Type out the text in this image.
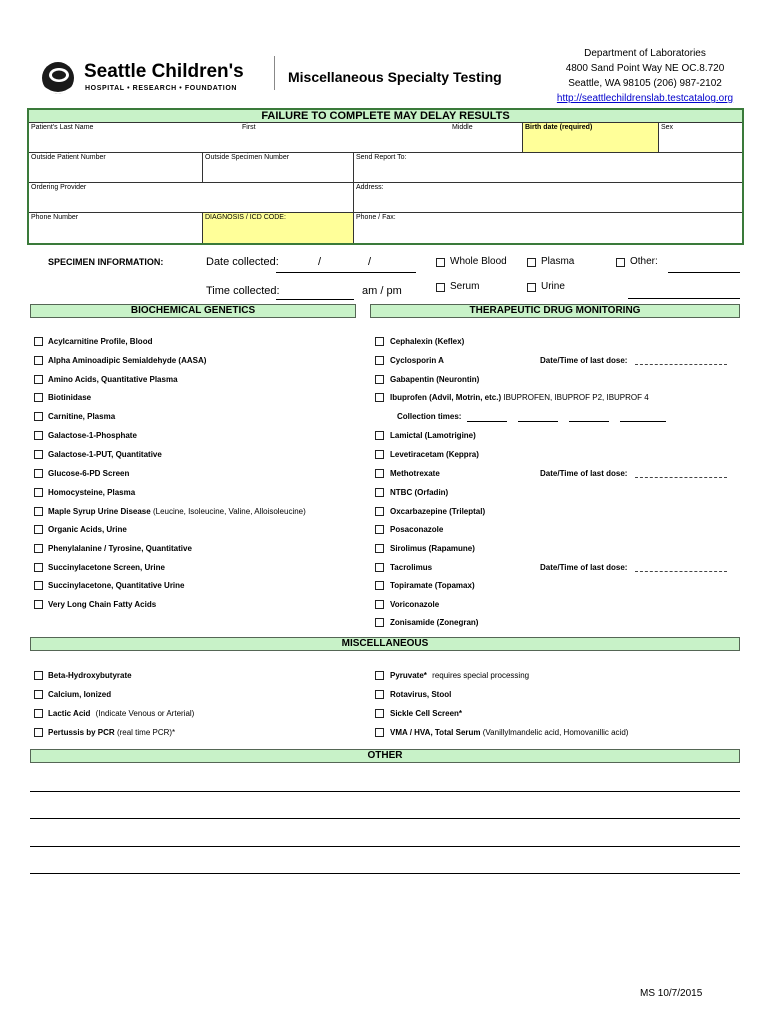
Seattle Children's
HOSPITAL • RESEARCH • FOUNDATION
Miscellaneous Specialty Testing
Department of Laboratories
4800 Sand Point Way NE OC.8.720
Seattle, WA 98105 (206) 987-2102
http://seattlechildrenslab.testcatalog.org
FAILURE TO COMPLETE MAY DELAY RESULTS
Patient's Last Name	First	Middle	Birth date (required)	Sex
Outside Patient Number	Outside Specimen Number	Send Report To:
Ordering Provider	Address:
Phone Number	DIAGNOSIS / ICD CODE:	Phone / Fax:
SPECIMEN INFORMATION:	Date collected:	/	/
Time collected:	am / pm
Whole Blood	Plasma	Other:
Serum	Urine
BIOCHEMICAL GENETICS	THERAPEUTIC DRUG MONITORING
Acylcarnitine Profile, Blood
Alpha Aminoadipic Semialdehyde (AASA)
Amino Acids, Quantitative Plasma
Biotinidase
Carnitine, Plasma
Galactose-1-Phosphate
Galactose-1-PUT, Quantitative
Glucose-6-PD Screen
Homocysteine, Plasma
Maple Syrup Urine Disease (Leucine, Isoleucine, Valine, Alloisoleucine)
Organic Acids, Urine
Phenylalanine / Tyrosine, Quantitative
Succinylacetone Screen, Urine
Succinylacetone, Quantitative Urine
Very Long Chain Fatty Acids
Cephalexin (Keflex)
Cyclosporin A	Date/Time of last dose:
Gabapentin (Neurontin)
Ibuprofen (Advil, Motrin, etc.) IBUPROFEN, IBUPROF P2, IBUPROF 4
Collection times:
Lamictal (Lamotrigine)
Levetiracetam (Keppra)
Methotrexate	Date/Time of last dose:
NTBC (Orfadin)
Oxcarbazepine (Trileptal)
Posaconazole
Sirolimus (Rapamune)
Tacrolimus	Date/Time of last dose:
Topiramate (Topamax)
Voriconazole
Zonisamide (Zonegran)
MISCELLANEOUS
Beta-Hydroxybutyrate
Calcium, Ionized
Lactic Acid (Indicate Venous or Arterial)
Pertussis by PCR (real time PCR)*
Pyruvate* requires special processing
Rotavirus, Stool
Sickle Cell Screen*
VMA / HVA, Total Serum (Vanillylmandelic acid, Homovanillic acid)
OTHER
MS 10/7/2015
